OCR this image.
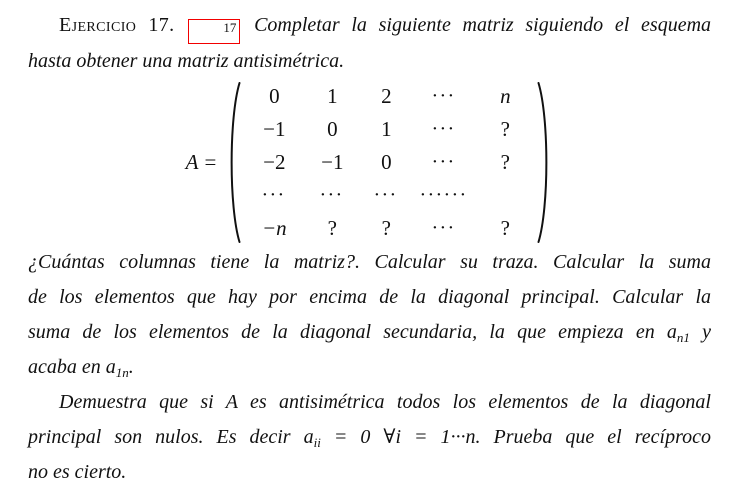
Ejercicio 17.	17 Completar la siguiente matriz siguiendo el esquema
hasta obtener una matriz antisimétrica.
A =
0 1 2	··· n
−1 0 1	··· ?
−2 −1 0	··· ?
··· ··· ··· ······
−n ? ?	··· ?
¿Cuántas columnas tiene la matriz?. Calcular su traza. Calcular la suma
de los elementos que hay por encima de la diagonal principal. Calcular la
suma de los elementos de la diagonal secundaria, la que empieza en $a_{n1}$ y
acaba en $a_{1n}$.
Demuestra que si A es antisimétrica todos los elementos de la diagonal
principal son nulos. Es decir $a_{ii} = 0$ ∀i = 1···n. Prueba que el recíproco
no es cierto.
